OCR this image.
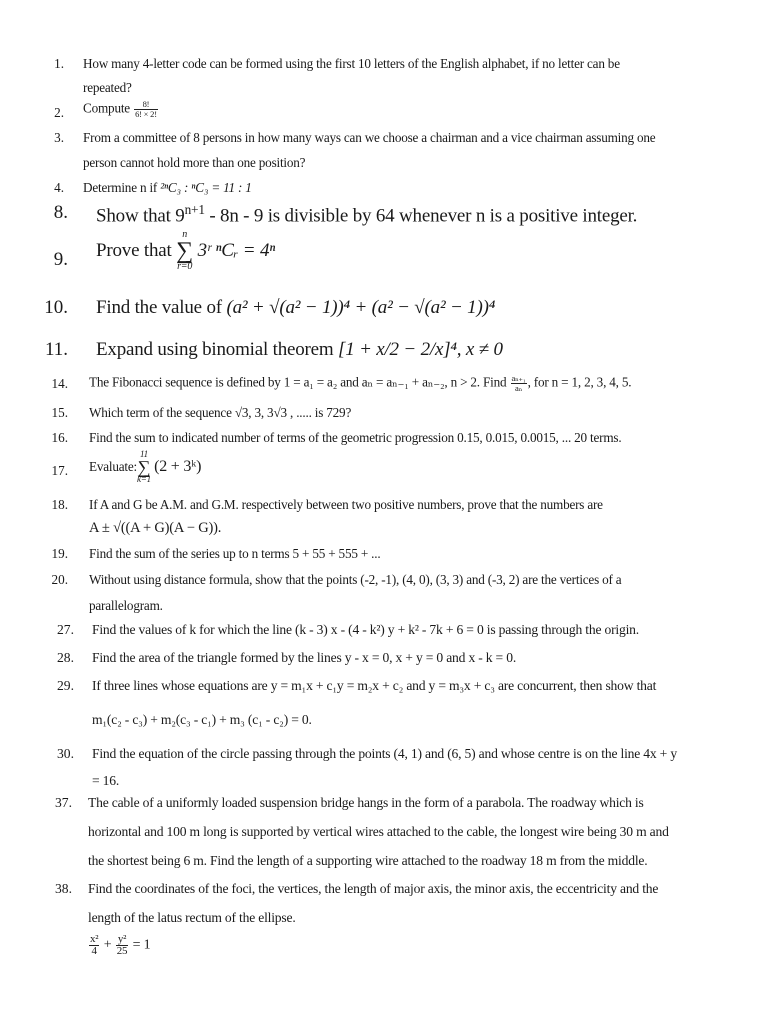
1. How many 4-letter code can be formed using the first 10 letters of the English alphabet, if no letter can be
repeated?
2. Compute $\frac{8!}{6! \times 2!}$
3. From a committee of 8 persons in how many ways can we choose a chairman and a vice chairman assuming one
person cannot hold more than one position?
4. Determine n if ²ⁿC₃ : ⁿC₃ = 11 : 1
8. Show that $9^{n+1} - 8n - 9$ is divisible by 64 whenever n is a positive integer.
9. Prove that
n
∑
r=0
3ʳ ⁿCᵣ = 4ⁿ
10. Find the value of (a² + √(a² − 1))⁴ + (a² − √(a² − 1))⁴
11. Expand using binomial theorem [1 + x/2 − 2/x]⁴, x ≠ 0
14. The Fibonacci sequence is defined by 1 = a₁ = a₂ and aₙ = aₙ₋₁ + aₙ₋₂, n > 2. Find $\frac{\text{aₙ₊₁}}{\text{aₙ}}$ , for n = 1, 2, 3, 4, 5.
15. Which term of the sequence √3, 3, 3√3 , ..... is 729?
16. Find the sum to indicated number of terms of the geometric progression 0.15, 0.015, 0.0015, ... 20 terms.
17. Evaluate:
11
∑
k=1
(2 + 3ᵏ)
18. If A and G be A.M. and G.M. respectively between two positive numbers, prove that the numbers are
A ± √((A + G)(A − G)).
19. Find the sum of the series up to n terms 5 + 55 + 555 + ...
20. Without using distance formula, show that the points (-2, -1), (4, 0), (3, 3) and (-3, 2) are the vertices of a
parallelogram.
27. Find the values of k for which the line (k - 3) x - (4 - k²) y + k² - 7k + 6 = 0 is passing through the origin.
28. Find the area of the triangle formed by the lines y - x = 0, x + y = 0 and x - k = 0.
29. If three lines whose equations are y = m₁x + c₁y = m₂x + c₂ and y = m₃x + c₃ are concurrent, then show that
m₁(c₂ - c₃) + m₂(c₃ - c₁) + m₃ (c₁ - c₂) = 0.
30. Find the equation of the circle passing through the points (4, 1) and (6, 5) and whose centre is on the line 4x + y
= 16.
37. The cable of a uniformly loaded suspension bridge hangs in the form of a parabola. The roadway which is
horizontal and 100 m long is supported by vertical wires attached to the cable, the longest wire being 30 m and
the shortest being 6 m. Find the length of a supporting wire attached to the roadway 18 m from the middle.
38. Find the coordinates of the foci, the vertices, the length of major axis, the minor axis, the eccentricity and the
length of the latus rectum of the ellipse.
$\frac{\text{x²}}{4} + \frac{\text{y²}}{25} = 1$
